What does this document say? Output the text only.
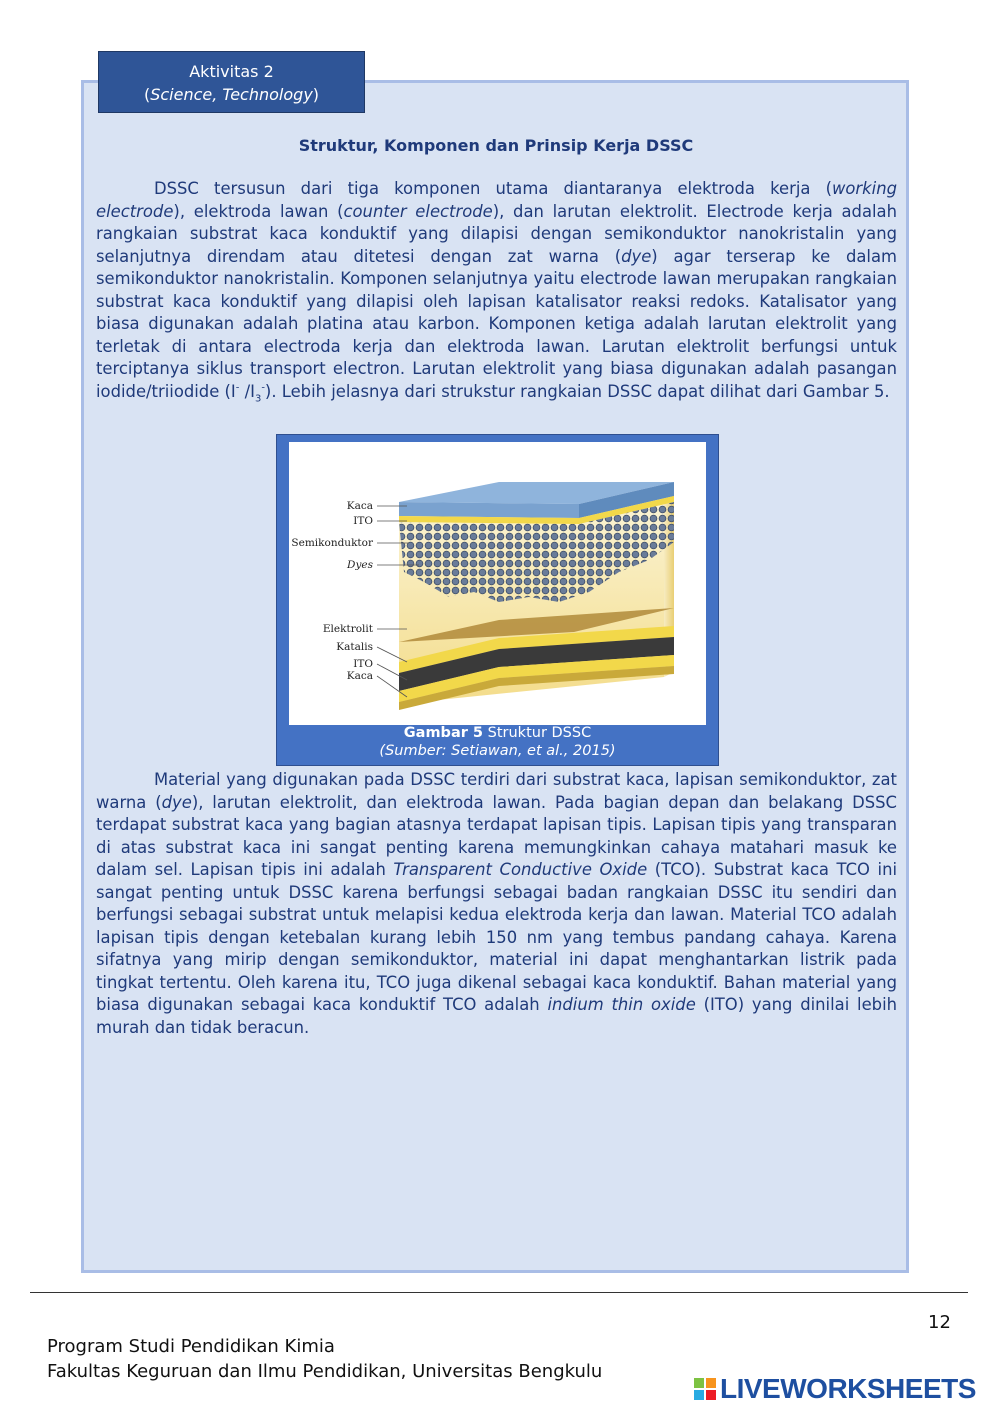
Aktivitas 2
(Science, Technology)
Struktur, Komponen dan Prinsip Kerja DSSC

DSSC tersusun dari tiga komponen utama diantaranya elektroda kerja (working electrode), elektroda lawan (counter electrode), dan larutan elektrolit. Electrode kerja adalah rangkaian substrat kaca konduktif yang dilapisi dengan semikonduktor nanokristalin yang selanjutnya direndam atau ditetesi dengan zat warna (dye) agar terserap ke dalam semikonduktor nanokristalin. Komponen selanjutnya yaitu electrode lawan merupakan rangkaian substrat kaca konduktif yang dilapisi oleh lapisan katalisator reaksi redoks. Katalisator yang biasa digunakan adalah platina atau karbon. Komponen ketiga adalah larutan elektrolit yang terletak di antara electroda kerja dan elektroda lawan. Larutan elektrolit berfungsi untuk terciptanya siklus transport electron. Larutan elektrolit yang biasa digunakan adalah pasangan iodide/triiodide (I- $/I_3^-$). Lebih jelasnya dari strukstur rangkaian DSSC dapat dilihat dari Gambar 5.

Kaca
ITO
Semikonduktor
Dyes
Elektrolit
Katalis
ITO
Kaca
Gambar 5 Struktur DSSC
(Sumber: Setiawan, et al., 2015)

Material yang digunakan pada DSSC terdiri dari substrat kaca, lapisan semikonduktor, zat warna (dye), larutan elektrolit, dan elektroda lawan. Pada bagian depan dan belakang DSSC terdapat substrat kaca yang bagian atasnya terdapat lapisan tipis. Lapisan tipis yang transparan di atas substrat kaca ini sangat penting karena memungkinkan cahaya matahari masuk ke dalam sel. Lapisan tipis ini adalah Transparent Conductive Oxide (TCO). Substrat kaca TCO ini sangat penting untuk DSSC karena berfungsi sebagai badan rangkaian DSSC itu sendiri dan berfungsi sebagai substrat untuk melapisi kedua elektroda kerja dan lawan. Material TCO adalah lapisan tipis dengan ketebalan kurang lebih 150 nm yang tembus pandang cahaya. Karena sifatnya yang mirip dengan semikonduktor, material ini dapat menghantarkan listrik pada tingkat tertentu. Oleh karena itu, TCO juga dikenal sebagai kaca konduktif. Bahan material yang biasa digunakan sebagai kaca konduktif TCO adalah indium thin oxide (ITO) yang dinilai lebih murah dan tidak beracun.

12
Program Studi Pendidikan Kimia
Fakultas Keguruan dan Ilmu Pendidikan, Universitas Bengkulu
LIVEWORKSHEETS
